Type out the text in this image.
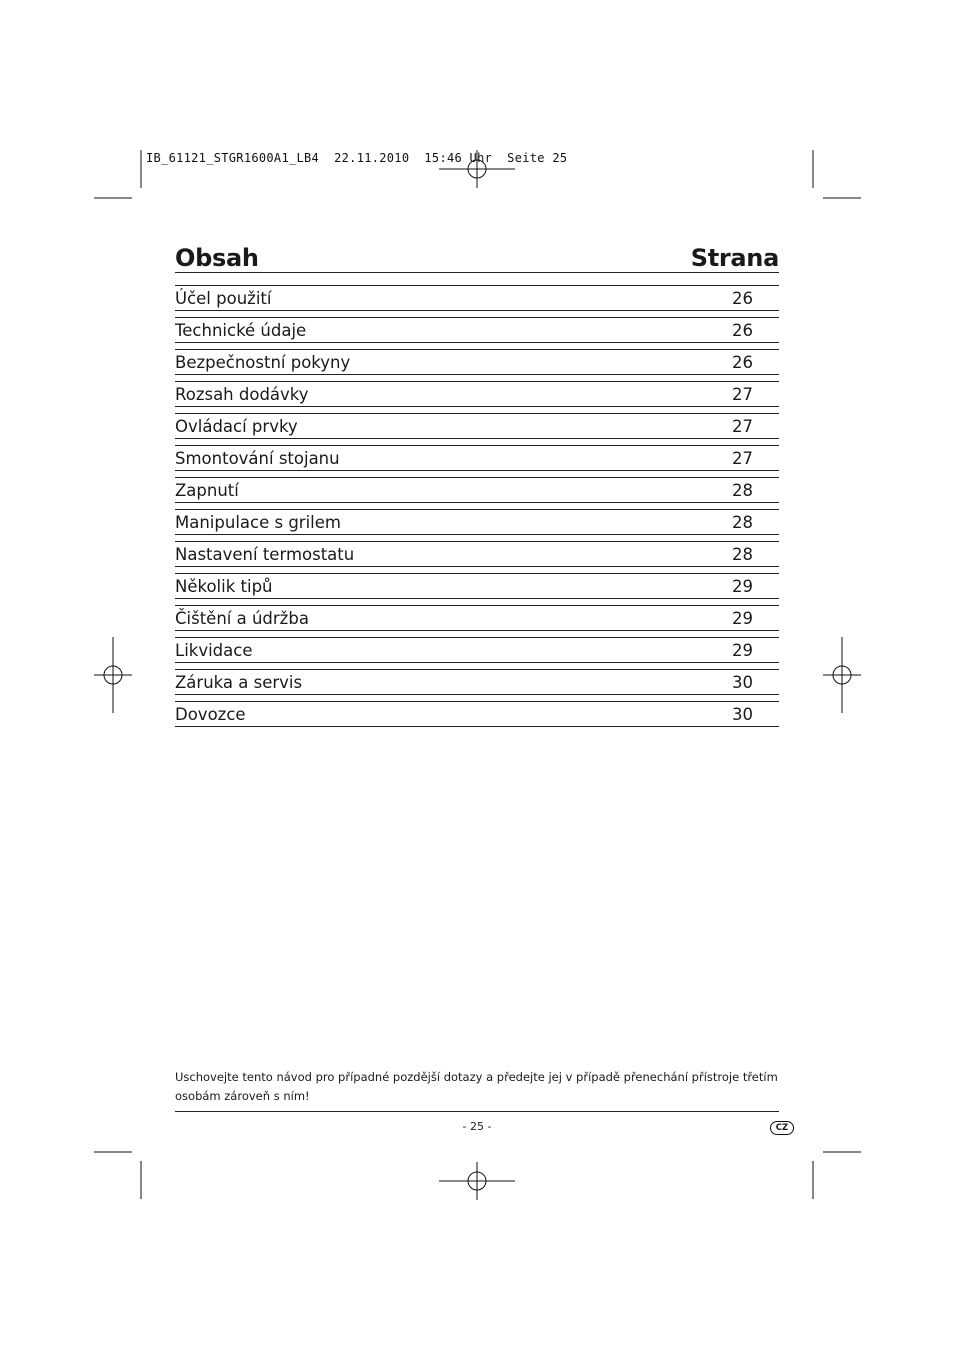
IB_61121_STGR1600A1_LB4  22.11.2010  15:46 Uhr  Seite 25
Obsah	Strana
Účel použití	26
Technické údaje	26
Bezpečnostní pokyny	26
Rozsah dodávky	27
Ovládací prvky	27
Smontování stojanu	27
Zapnutí	28
Manipulace s grilem	28
Nastavení termostatu	28
Několik tipů	29
Čištění a údržba	29
Likvidace	29
Záruka a servis	30
Dovozce	30
Uschovejte tento návod pro případné pozdější dotazy a předejte jej v případě přenechání přístroje třetím
osobám zároveň s ním!
- 25 -	CZ
